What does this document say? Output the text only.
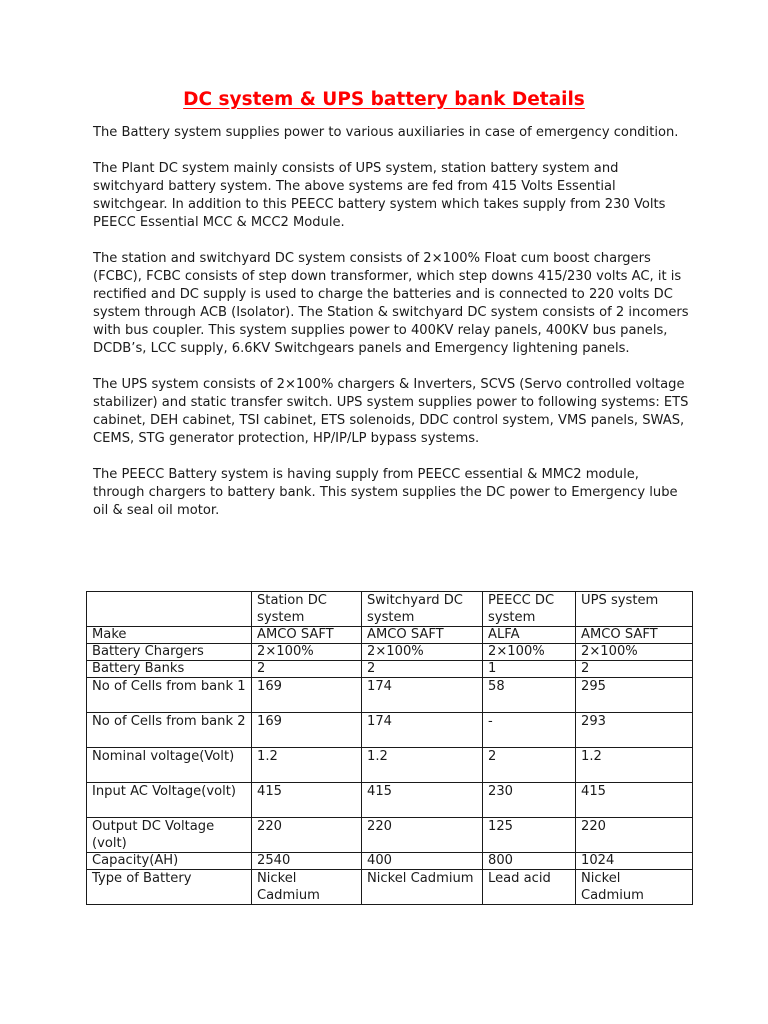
DC system & UPS battery bank Details

The Battery system supplies power to various auxiliaries in case of emergency condition.

The Plant DC system mainly consists of UPS system, station battery system and switchyard battery system. The above systems are fed from 415 Volts Essential switchgear. In addition to this PEECC battery system which takes supply from 230 Volts PEECC Essential MCC & MCC2 Module.

The station and switchyard DC system consists of 2×100% Float cum boost chargers (FCBC), FCBC consists of step down transformer, which step downs 415/230 volts AC, it is rectified and DC supply is used to charge the batteries and is connected to 220 volts DC system through ACB (Isolator). The Station & switchyard DC system consists of 2 incomers with bus coupler. This system supplies power to 400KV relay panels, 400KV bus panels, DCDB’s, LCC supply, 6.6KV Switchgears panels and Emergency lightening panels.

The UPS system consists of 2×100% chargers & Inverters, SCVS (Servo controlled voltage stabilizer) and static transfer switch. UPS system supplies power to following systems: ETS cabinet, DEH cabinet, TSI cabinet, ETS solenoids, DDC control system, VMS panels, SWAS, CEMS, STG generator protection, HP/IP/LP bypass systems.

The PEECC Battery system is having supply from PEECC essential & MMC2 module, through chargers to battery bank. This system supplies the DC power to Emergency lube oil & seal oil motor.

	Station DC system	Switchyard DC system	PEECC DC system	UPS system
Make	AMCO SAFT	AMCO SAFT	ALFA	AMCO SAFT
Battery Chargers	2×100%	2×100%	2×100%	2×100%
Battery Banks	2	2	1	2
No of Cells from bank 1	169	174	58	295
No of Cells from bank 2	169	174	-	293
Nominal voltage(Volt)	1.2	1.2	2	1.2
Input AC Voltage(volt)	415	415	230	415
Output DC Voltage (volt)	220	220	125	220
Capacity(AH)	2540	400	800	1024
Type of Battery	Nickel Cadmium	Nickel Cadmium	Lead acid	Nickel Cadmium
